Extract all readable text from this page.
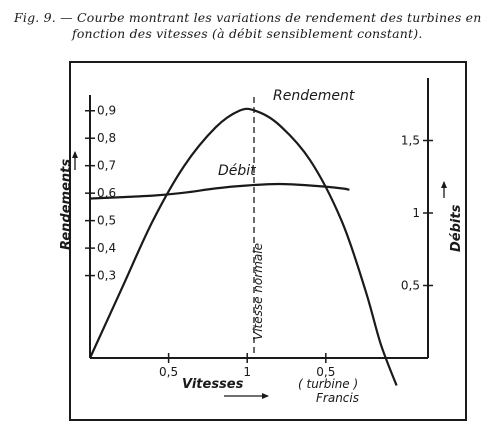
Fig. 9. — Courbe montrant les variations de rendement des turbines en
fonction des vitesses (à débit sensiblement constant).
0,3
0,4
0,5
0,6
0,7
0,8
0,9
0,5
1
1,5
0,5	1	0,5
Rendement
Débit
Vitesse normale
Rendements	Débits
Vitesses	( turbine )
Francis
